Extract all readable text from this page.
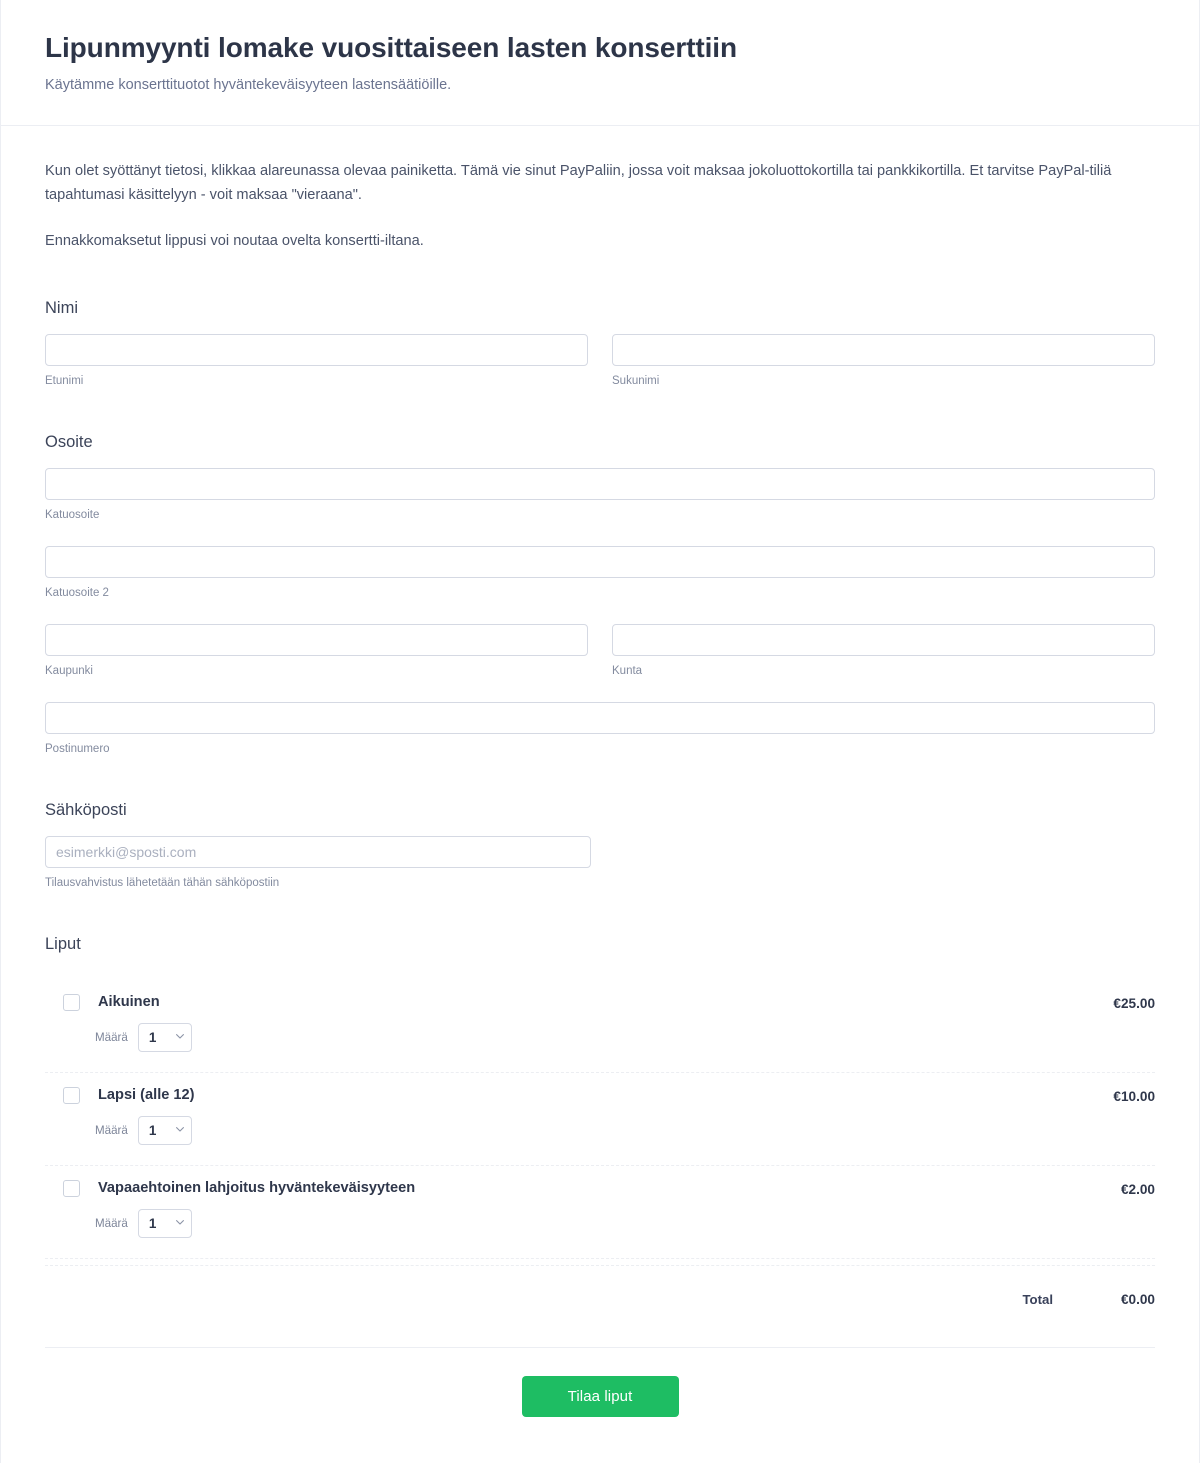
Lipunmyynti lomake vuosittaiseen lasten konserttiin

Käytämme konserttituotot hyväntekeväisyyteen lastensäätiöille.

Kun olet syöttänyt tietosi, klikkaa alareunassa olevaa painiketta. Tämä vie sinut PayPaliin, jossa voit maksaa jokoluottokortilla tai pankkikortilla. Et tarvitse PayPal-tiliä tapahtumasi käsittelyyn - voit maksaa "vieraana".

Ennakkomaksetut lippusi voi noutaa ovelta konsertti-iltana.

Nimi
Etunimi	Sukunimi
Osoite
Katuosoite
Katuosoite 2
Kaupunki	Kunta
Postinumero
Sähköposti
esimerkki@sposti.com
Tilausvahvistus lähetetään tähän sähköpostiin
Liput
Aikuinen	€25.00
Määrä
1
Lapsi (alle 12)	€10.00
Määrä
1
Vapaaehtoinen lahjoitus hyväntekeväisyyteen	€2.00
Määrä
1
Total	€0.00
Tilaa liput
